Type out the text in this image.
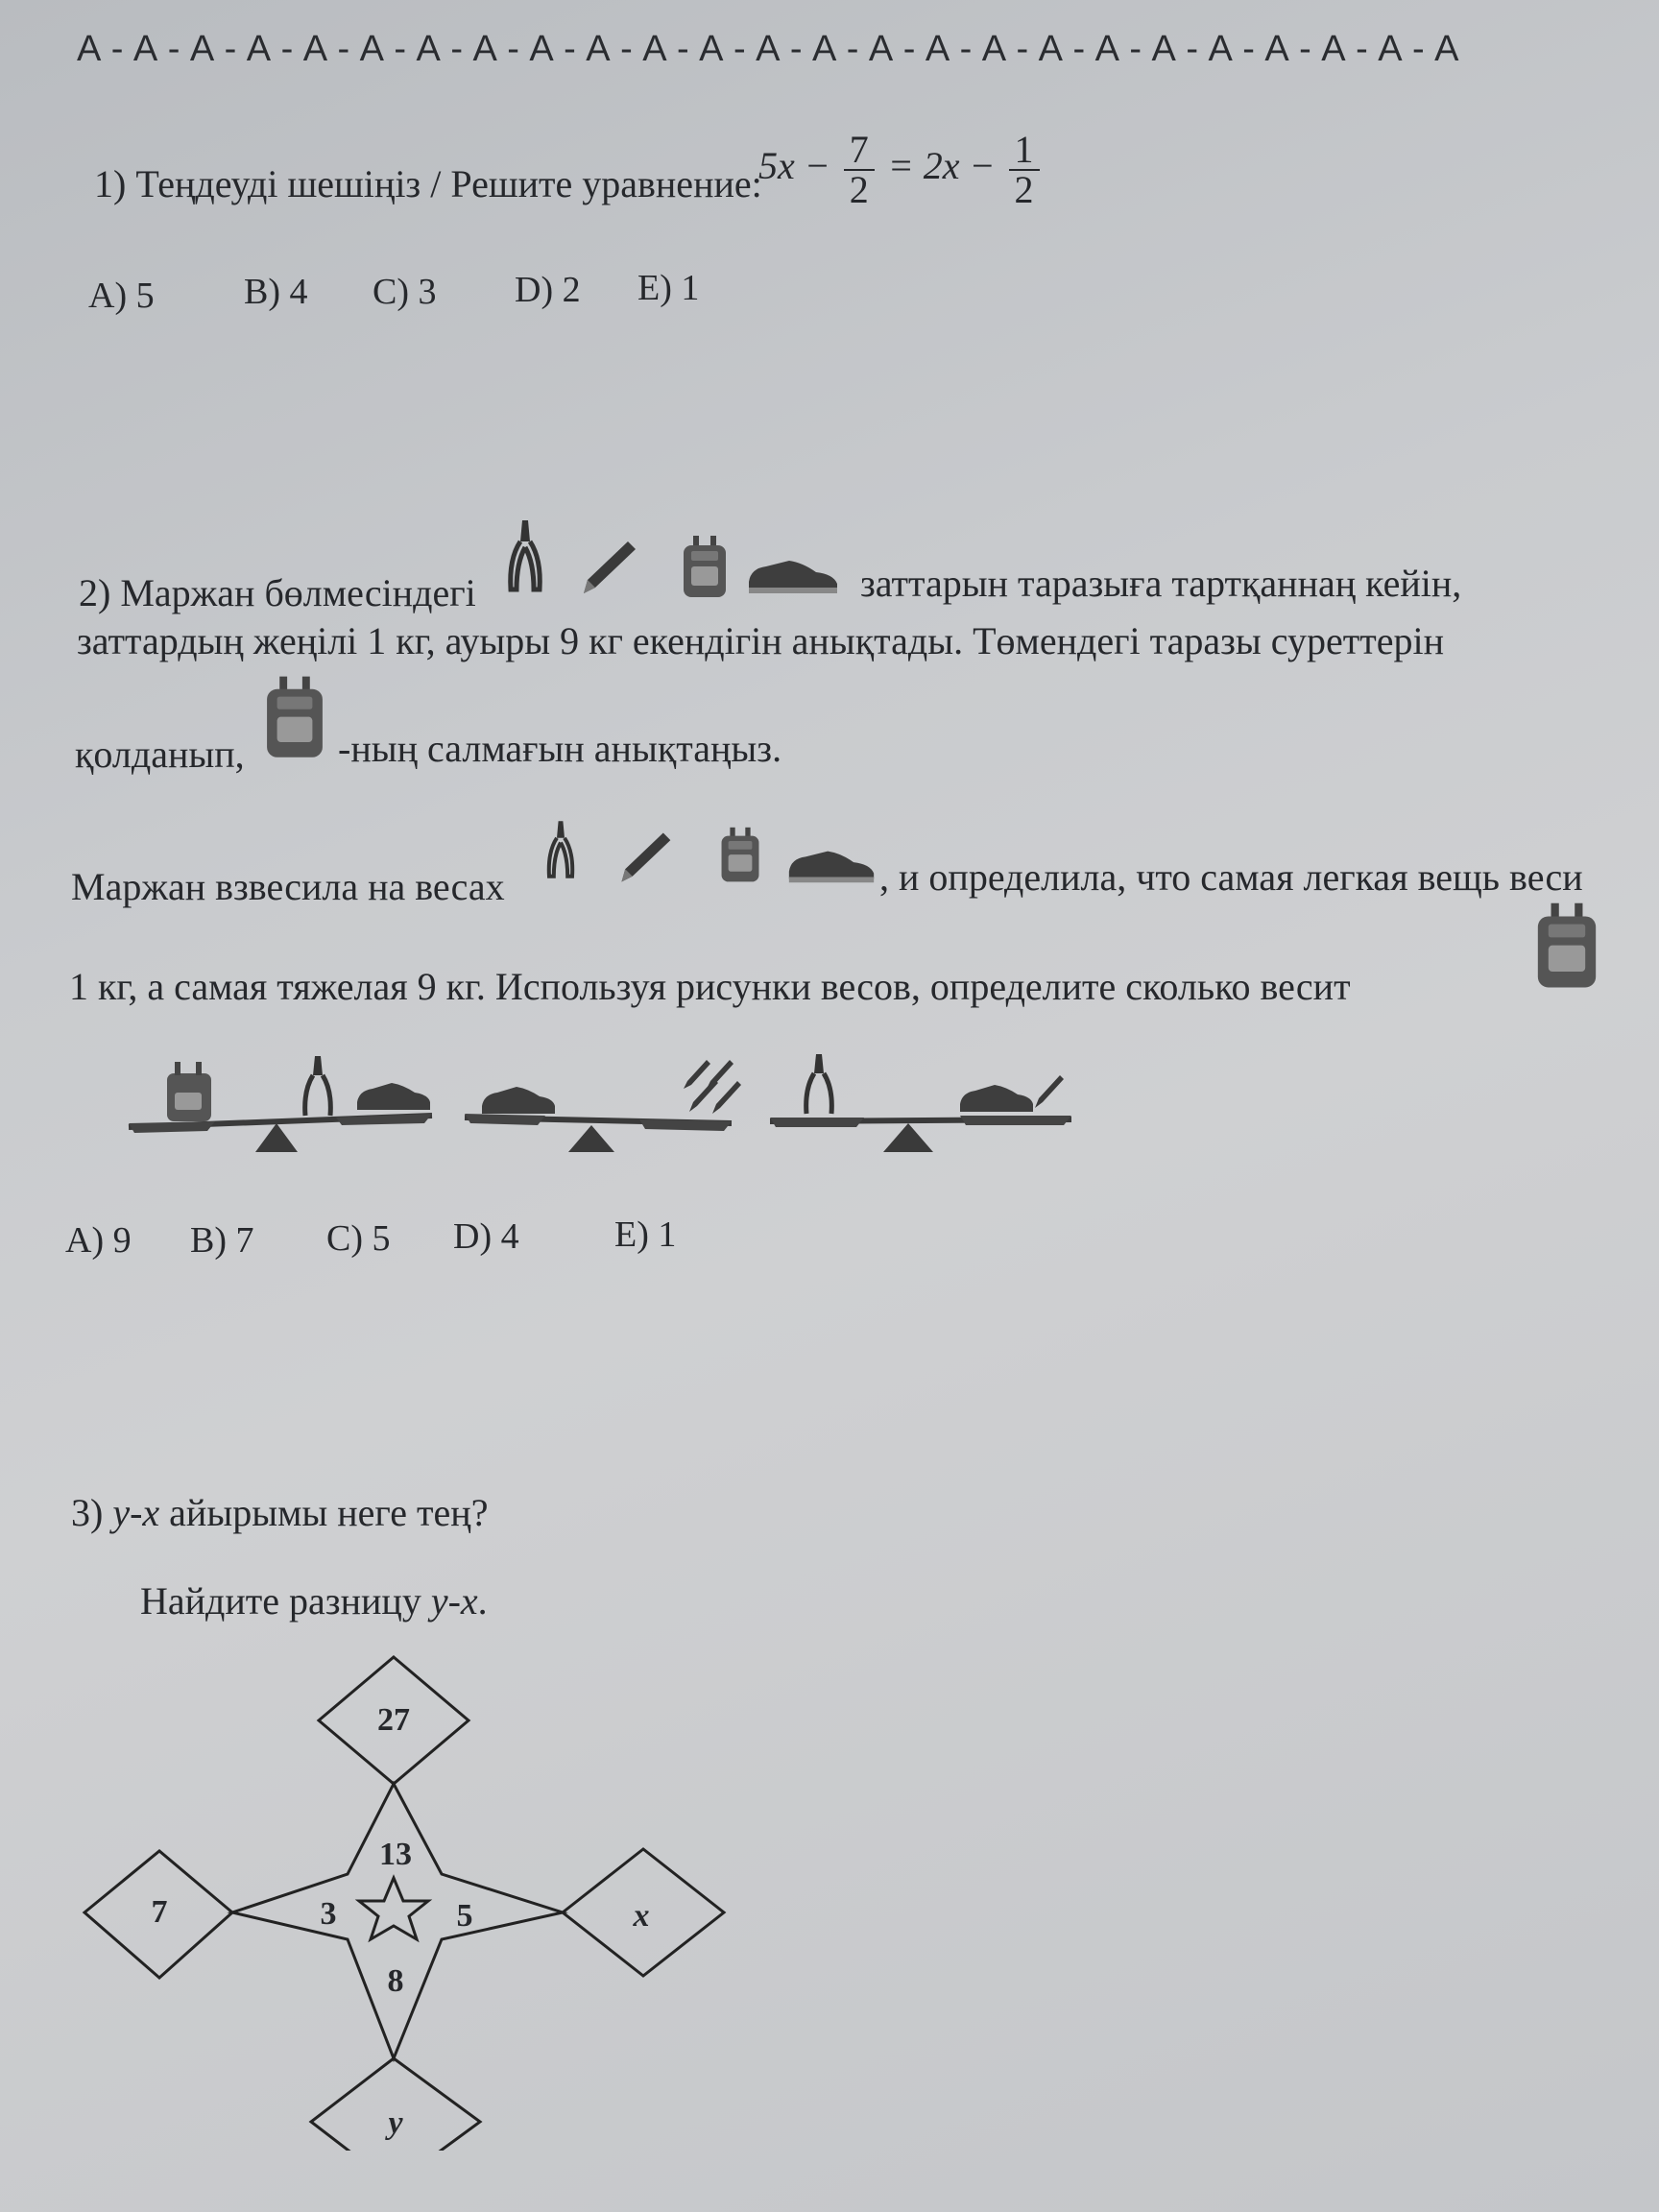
A - A - A - A - A - A - A - A - A - A - A - A - A - A - A - A - A - A - A - A - A - A - A - A - A
1) Теңдеуді шешіңіз / Решите уравнение:
$5x - \frac{7}{2} = 2x - \frac{1}{2}$
A) 5 B) 4 C) 3 D) 2 E) 1
2) Маржан бөлмесіндегі	заттарын таразыға тартқаннаң кейін,
заттардың жеңілі 1 кг, ауыры 9 кг екендігін анықтады. Төмендегі таразы суреттерін
қолданып, -ның салмағын анықтаңыз.
Маржан взвесила на весах	, и определила, что самая легкая вещь веси
1 кг, а самая тяжелая 9 кг. Используя рисунки весов, определите сколько весит
A) 9 B) 7 C) 5 D) 4	E) 1
3) y-x айырымы неге тең?
Найдите разницу y-x.
27
7	x
y
13
3	5
8
